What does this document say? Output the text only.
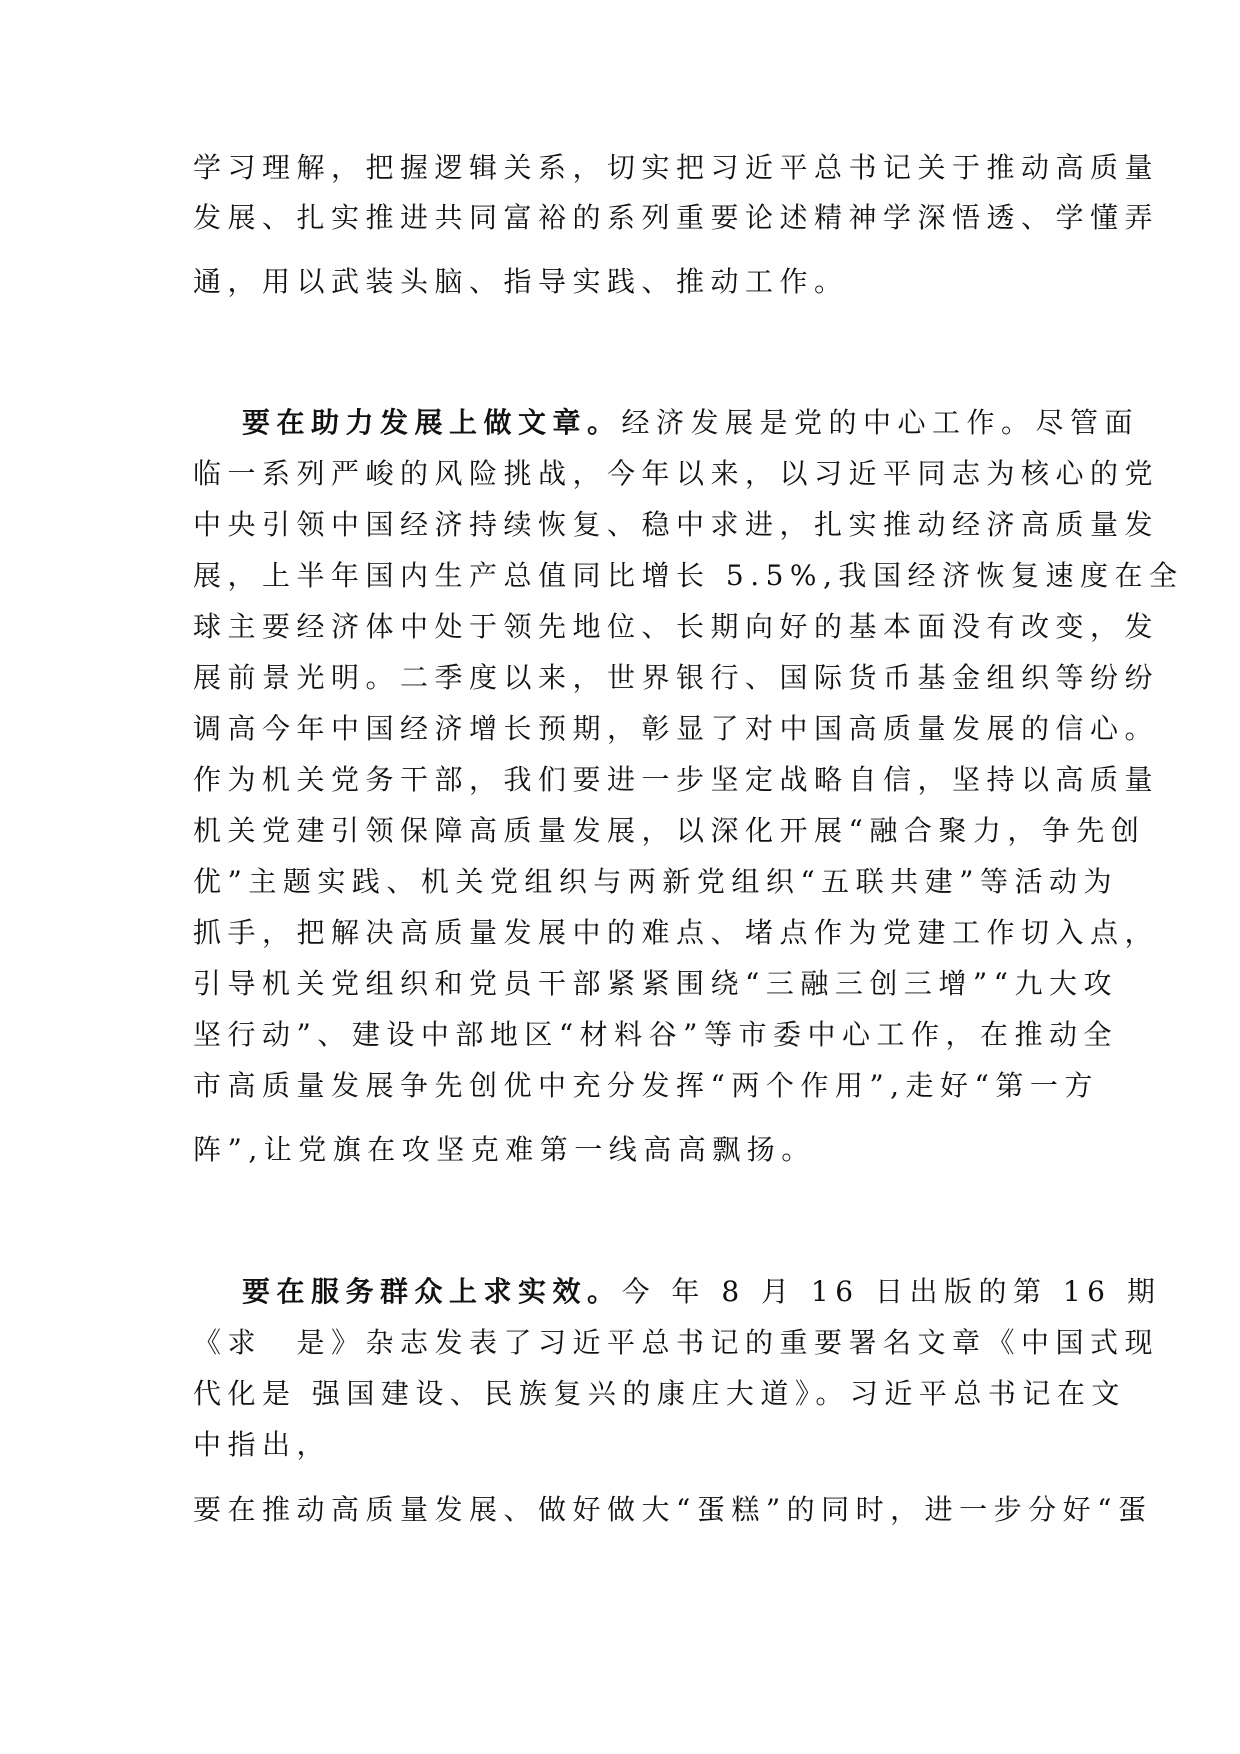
学习理解，把握逻辑关系，切实把习近平总书记关于推动高质量
发展、扎实推进共同富裕的系列重要论述精神学深悟透、学懂弄
通，用以武装头脑、指导实践、推动工作。
要在助力发展上做文章。经济发展是党的中心工作。尽管面
临一系列严峻的风险挑战，今年以来，以习近平同志为核心的党
中央引领中国经济持续恢复、稳中求进，扎实推动经济高质量发
展，上半年国内生产总值同比增长 5.5%,我国经济恢复速度在全
球主要经济体中处于领先地位、长期向好的基本面没有改变，发
展前景光明。二季度以来，世界银行、国际货币基金组织等纷纷
调高今年中国经济增长预期，彰显了对中国高质量发展的信心。
作为机关党务干部，我们要进一步坚定战略自信，坚持以高质量
机关党建引领保障高质量发展，以深化开展“融合聚力，争先创
优”主题实践、机关党组织与两新党组织“五联共建”等活动为
抓手，把解决高质量发展中的难点、堵点作为党建工作切入点，
引导机关党组织和党员干部紧紧围绕“三融三创三增”“九大攻
坚行动”、建设中部地区“材料谷”等市委中心工作，在推动全
市高质量发展争先创优中充分发挥“两个作用”,走好“第一方
阵”,让党旗在攻坚克难第一线高高飘扬。
要在服务群众上求实效。今 年 8 月 16 日出版的第 16 期
《求　是》杂志发表了习近平总书记的重要署名文章《中国式现
代化是 强国建设、民族复兴的康庄大道》。习近平总书记在文
中指出，
要在推动高质量发展、做好做大“蛋糕”的同时，进一步分好“蛋
